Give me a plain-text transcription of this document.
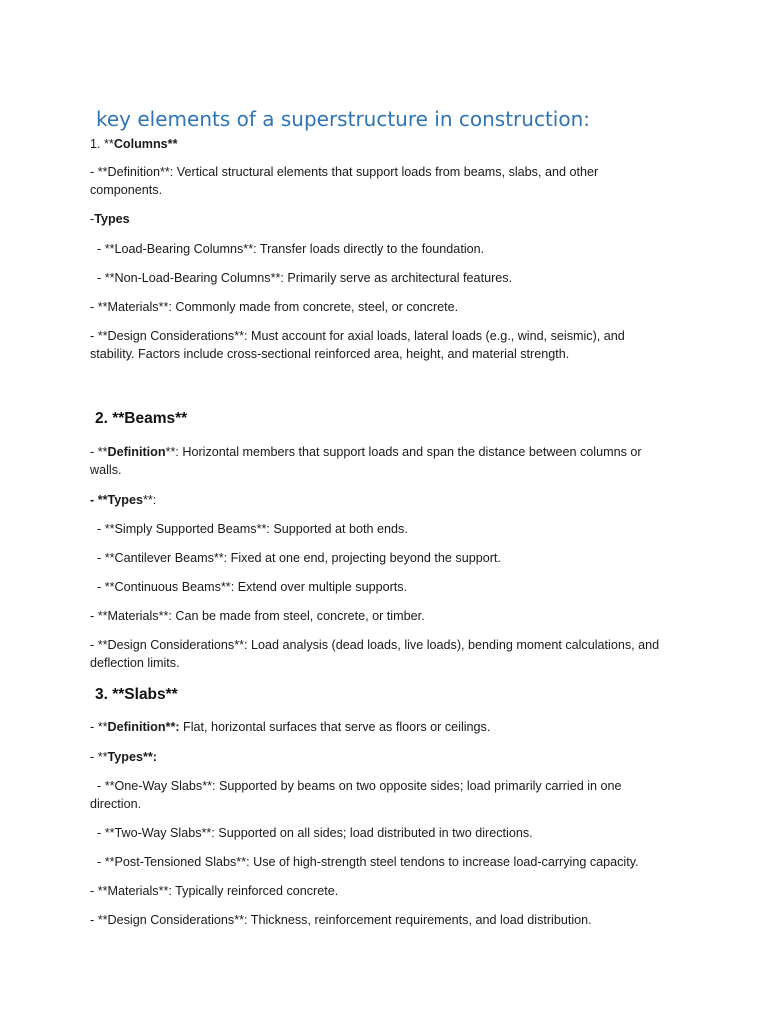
key elements of a superstructure in construction:

1. **Columns**

- **Definition**: Vertical structural elements that support loads from beams, slabs, and other

components.

-Types

- **Load-Bearing Columns**: Transfer loads directly to the foundation.

- **Non-Load-Bearing Columns**: Primarily serve as architectural features.

- **Materials**: Commonly made from concrete, steel, or concrete.

- **Design Considerations**: Must account for axial loads, lateral loads (e.g., wind, seismic), and

stability. Factors include cross-sectional reinforced area, height, and material strength.

2. **Beams**

- **Definition**: Horizontal members that support loads and span the distance between columns or

walls.

- **Types**:

- **Simply Supported Beams**: Supported at both ends.

- **Cantilever Beams**: Fixed at one end, projecting beyond the support.

- **Continuous Beams**: Extend over multiple supports.

- **Materials**: Can be made from steel, concrete, or timber.

- **Design Considerations**: Load analysis (dead loads, live loads), bending moment calculations, and

deflection limits.

3. **Slabs**

- **Definition**: Flat, horizontal surfaces that serve as floors or ceilings.

- **Types**:

- **One-Way Slabs**: Supported by beams on two opposite sides; load primarily carried in one

direction.

- **Two-Way Slabs**: Supported on all sides; load distributed in two directions.

- **Post-Tensioned Slabs**: Use of high-strength steel tendons to increase load-carrying capacity.

- **Materials**: Typically reinforced concrete.

- **Design Considerations**: Thickness, reinforcement requirements, and load distribution.
